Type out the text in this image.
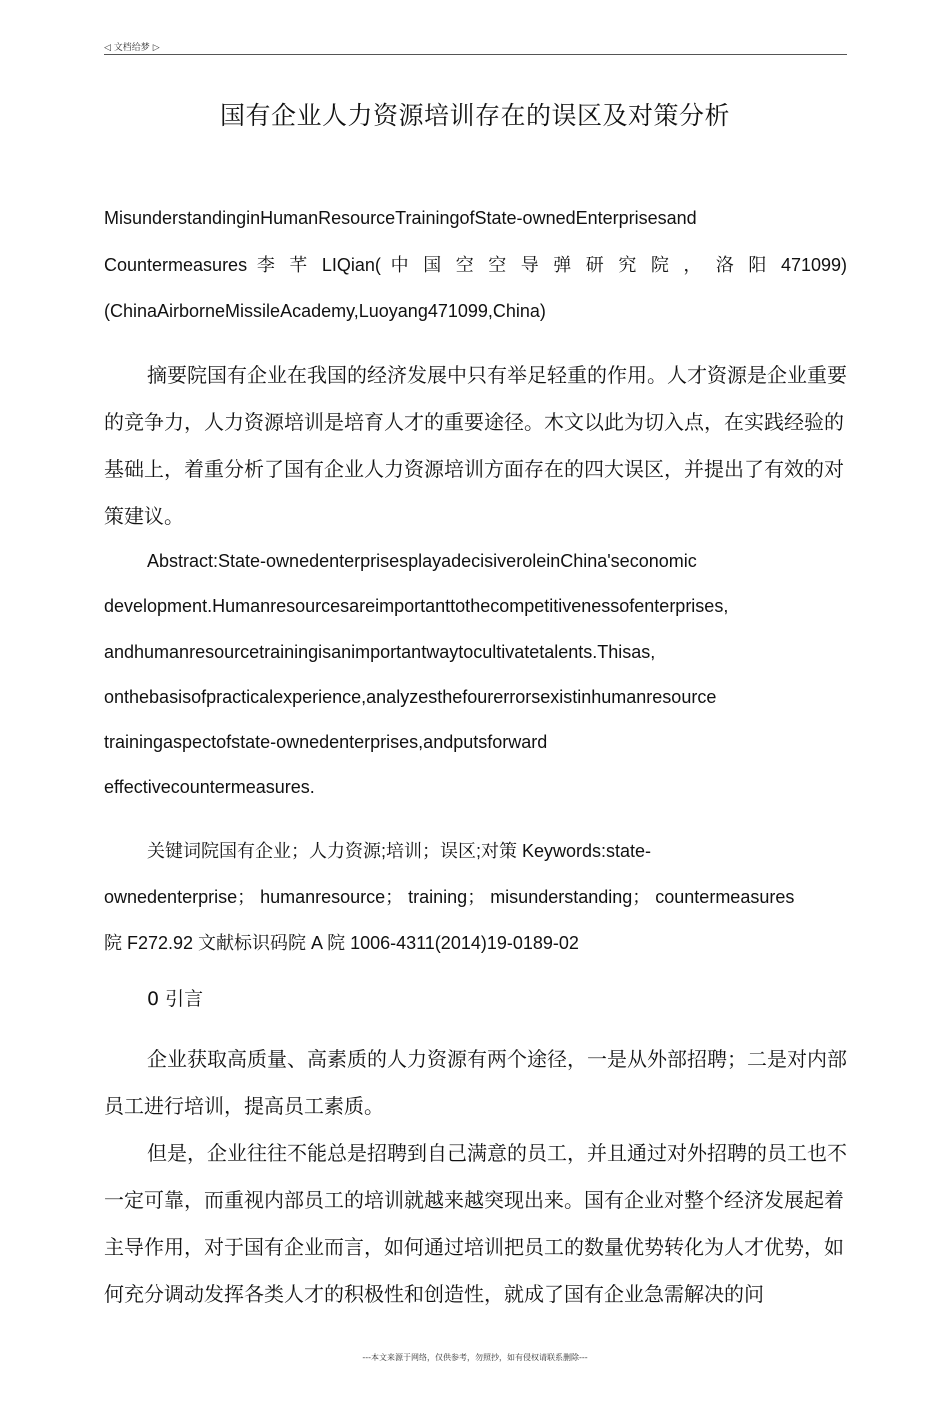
◁ 文档给梦 ▷
国有企业人力资源培训存在的误区及对策分析
MisunderstandinginHumanResourceTrainingofState-ownedEnterprisesand
Countermeasures 李 芊 LIQian( 中 国 空 空 导 弹 研 究 院 ， 洛 阳 471099)
(ChinaAirborneMissileAcademy,Luoyang471099,China)
摘要院国有企业在我国的经济发展中只有举足轻重的作用。人才资源是企业重要的竞争力，人力资源培训是培育人才的重要途径。木文以此为切入点，在实践经验的基础上，着重分析了国有企业人力资源培训方面存在的四大误区，并提出了有效的对策建议。
Abstract:State-ownedenterprisesplayadecisiveroleinChina'seconomic
development.Humanresourcesareimportanttothecompetitivenessofenterprises,
andhumanresourcetrainingisanimportantwaytocultivatetalents.Thisas,
onthebasisofpracticalexperience,analyzesthefourerrorsexistinhumanresource
trainingaspectofstate-ownedenterprises,andputsforward
effectivecountermeasures.
关键词院国有企业；人力资源;培训；误区;对策 Keywords:state-
ownedenterprise； humanresource； training； misunderstanding； countermeasures
院 F272.92 文献标识码院 A 院 1006-4311(2014)19-0189-02
0 引言
企业获取高质量、高素质的人力资源有两个途径，一是从外部招聘；二是对内部员工进行培训，提高员工素质。
但是，企业往往不能总是招聘到自己满意的员工，并且通过对外招聘的员工也不一定可靠，而重视内部员工的培训就越来越突现出来。国有企业对整个经济发展起着主导作用，对于国有企业而言，如何通过培训把员工的数量优势转化为人才优势，如何充分调动发挥各类人才的积极性和创造性，就成了国有企业急需解决的问
---本文来源于网络，仅供参考，勿照抄，如有侵权请联系删除---
